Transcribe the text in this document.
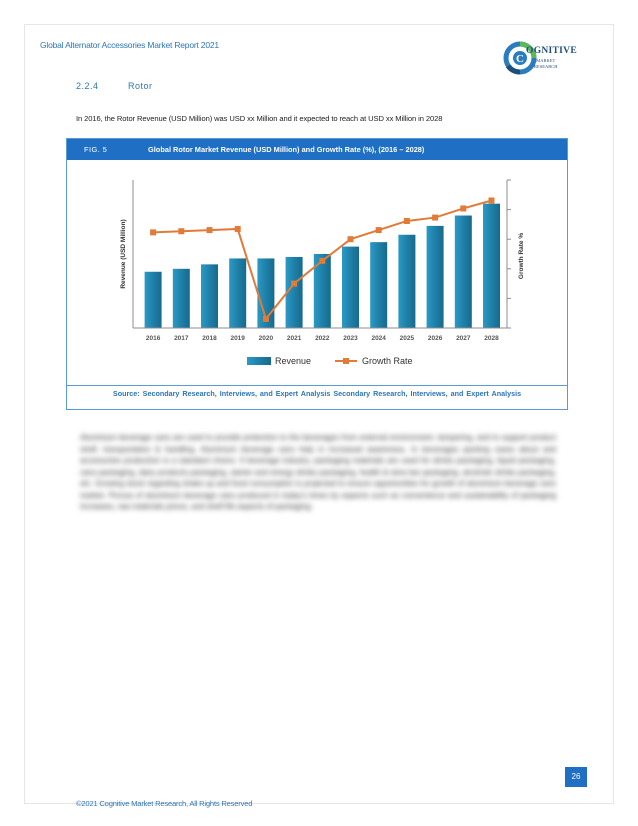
Global Alternator Accessories Market Report 2021
C
OGNITIVE
MARKET
RESEARCH
2.2.4	Rotor
In 2016, the Rotor Revenue (USD Million) was USD xx Million and it expected to reach at USD xx Million in 2028
FIG. 5	Global Rotor Market Revenue (USD Million) and Growth Rate (%), (2016 – 2028)
2016 2017 2018 2019 2020 2021 2022 2023 2024 2025 2026 2027 2028
Revenue (USD Million)	Growth Rate %
Revenue	Growth Rate
Source: Secondary Research, Interviews, and Expert Analysis Secondary Research, Interviews, and Expert Analysis

Aluminium beverage cans are used to provide protection to the beverages from external environment, tampering, and to support product shelf, transportation & handling. Aluminium beverage cans help in increased awareness. In beverages packing cases about and accessories production is a standard choice. It beverage industry, packaging materials are used for drinks packaging, liquid packaging, cans packaging, dairy products packaging, starter and energy drinks packaging, health & wine bar packaging, alcoholic drinks packaging, etc. Growing stock regarding shake up and food consumption is projected to ensure opportunities for growth of aluminium beverage cans market. Porous of aluminium beverage cans produced in today's times by aspects such as convenience and sustainability of packaging increases, raw materials prices, and shelf life aspects of packaging.

26
©2021 Cognitive Market Research, All Rights Reserved
